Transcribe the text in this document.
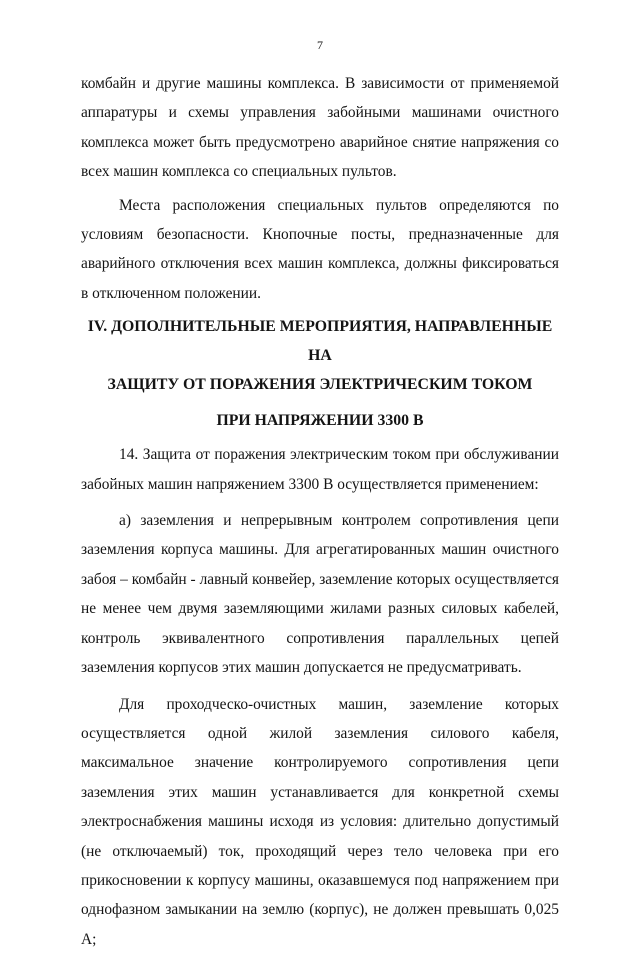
7

комбайн и другие машины комплекса. В зависимости от применяемой аппаратуры и схемы управления забойными машинами очистного комплекса может быть предусмотрено аварийное снятие напряжения со всех машин комплекса со специальных пультов.

Места расположения специальных пультов определяются по условиям безопасности. Кнопочные посты, предназначенные для аварийного отключения всех машин комплекса, должны фиксироваться в отключенном положении.

IV. ДОПОЛНИТЕЛЬНЫЕ МЕРОПРИЯТИЯ, НАПРАВЛЕННЫЕ НА

ЗАЩИТУ ОТ ПОРАЖЕНИЯ ЭЛЕКТРИЧЕСКИМ ТОКОМ

ПРИ НАПРЯЖЕНИИ 3300 В

14. Защита от поражения электрическим током при обслуживании забойных машин напряжением 3300 В осуществляется применением:

а) заземления и непрерывным контролем сопротивления цепи заземления корпуса машины. Для агрегатированных машин очистного забоя – комбайн - лавный конвейер, заземление которых осуществляется не менее чем двумя заземляющими жилами разных силовых кабелей, контроль эквивалентного сопротивления параллельных цепей заземления корпусов этих машин допускается не предусматривать.

Для проходческо-очистных машин, заземление которых осуществляется одной жилой заземления силового кабеля, максимальное значение контролируемого сопротивления цепи заземления этих машин устанавливается для конкретной схемы электроснабжения машины исходя из условия: длительно допустимый (не отключаемый) ток, проходящий через тело человека при его прикосновении к корпусу машины, оказавшемуся под напряжением при однофазном замыкании на землю (корпус), не должен превышать 0,025 А;
